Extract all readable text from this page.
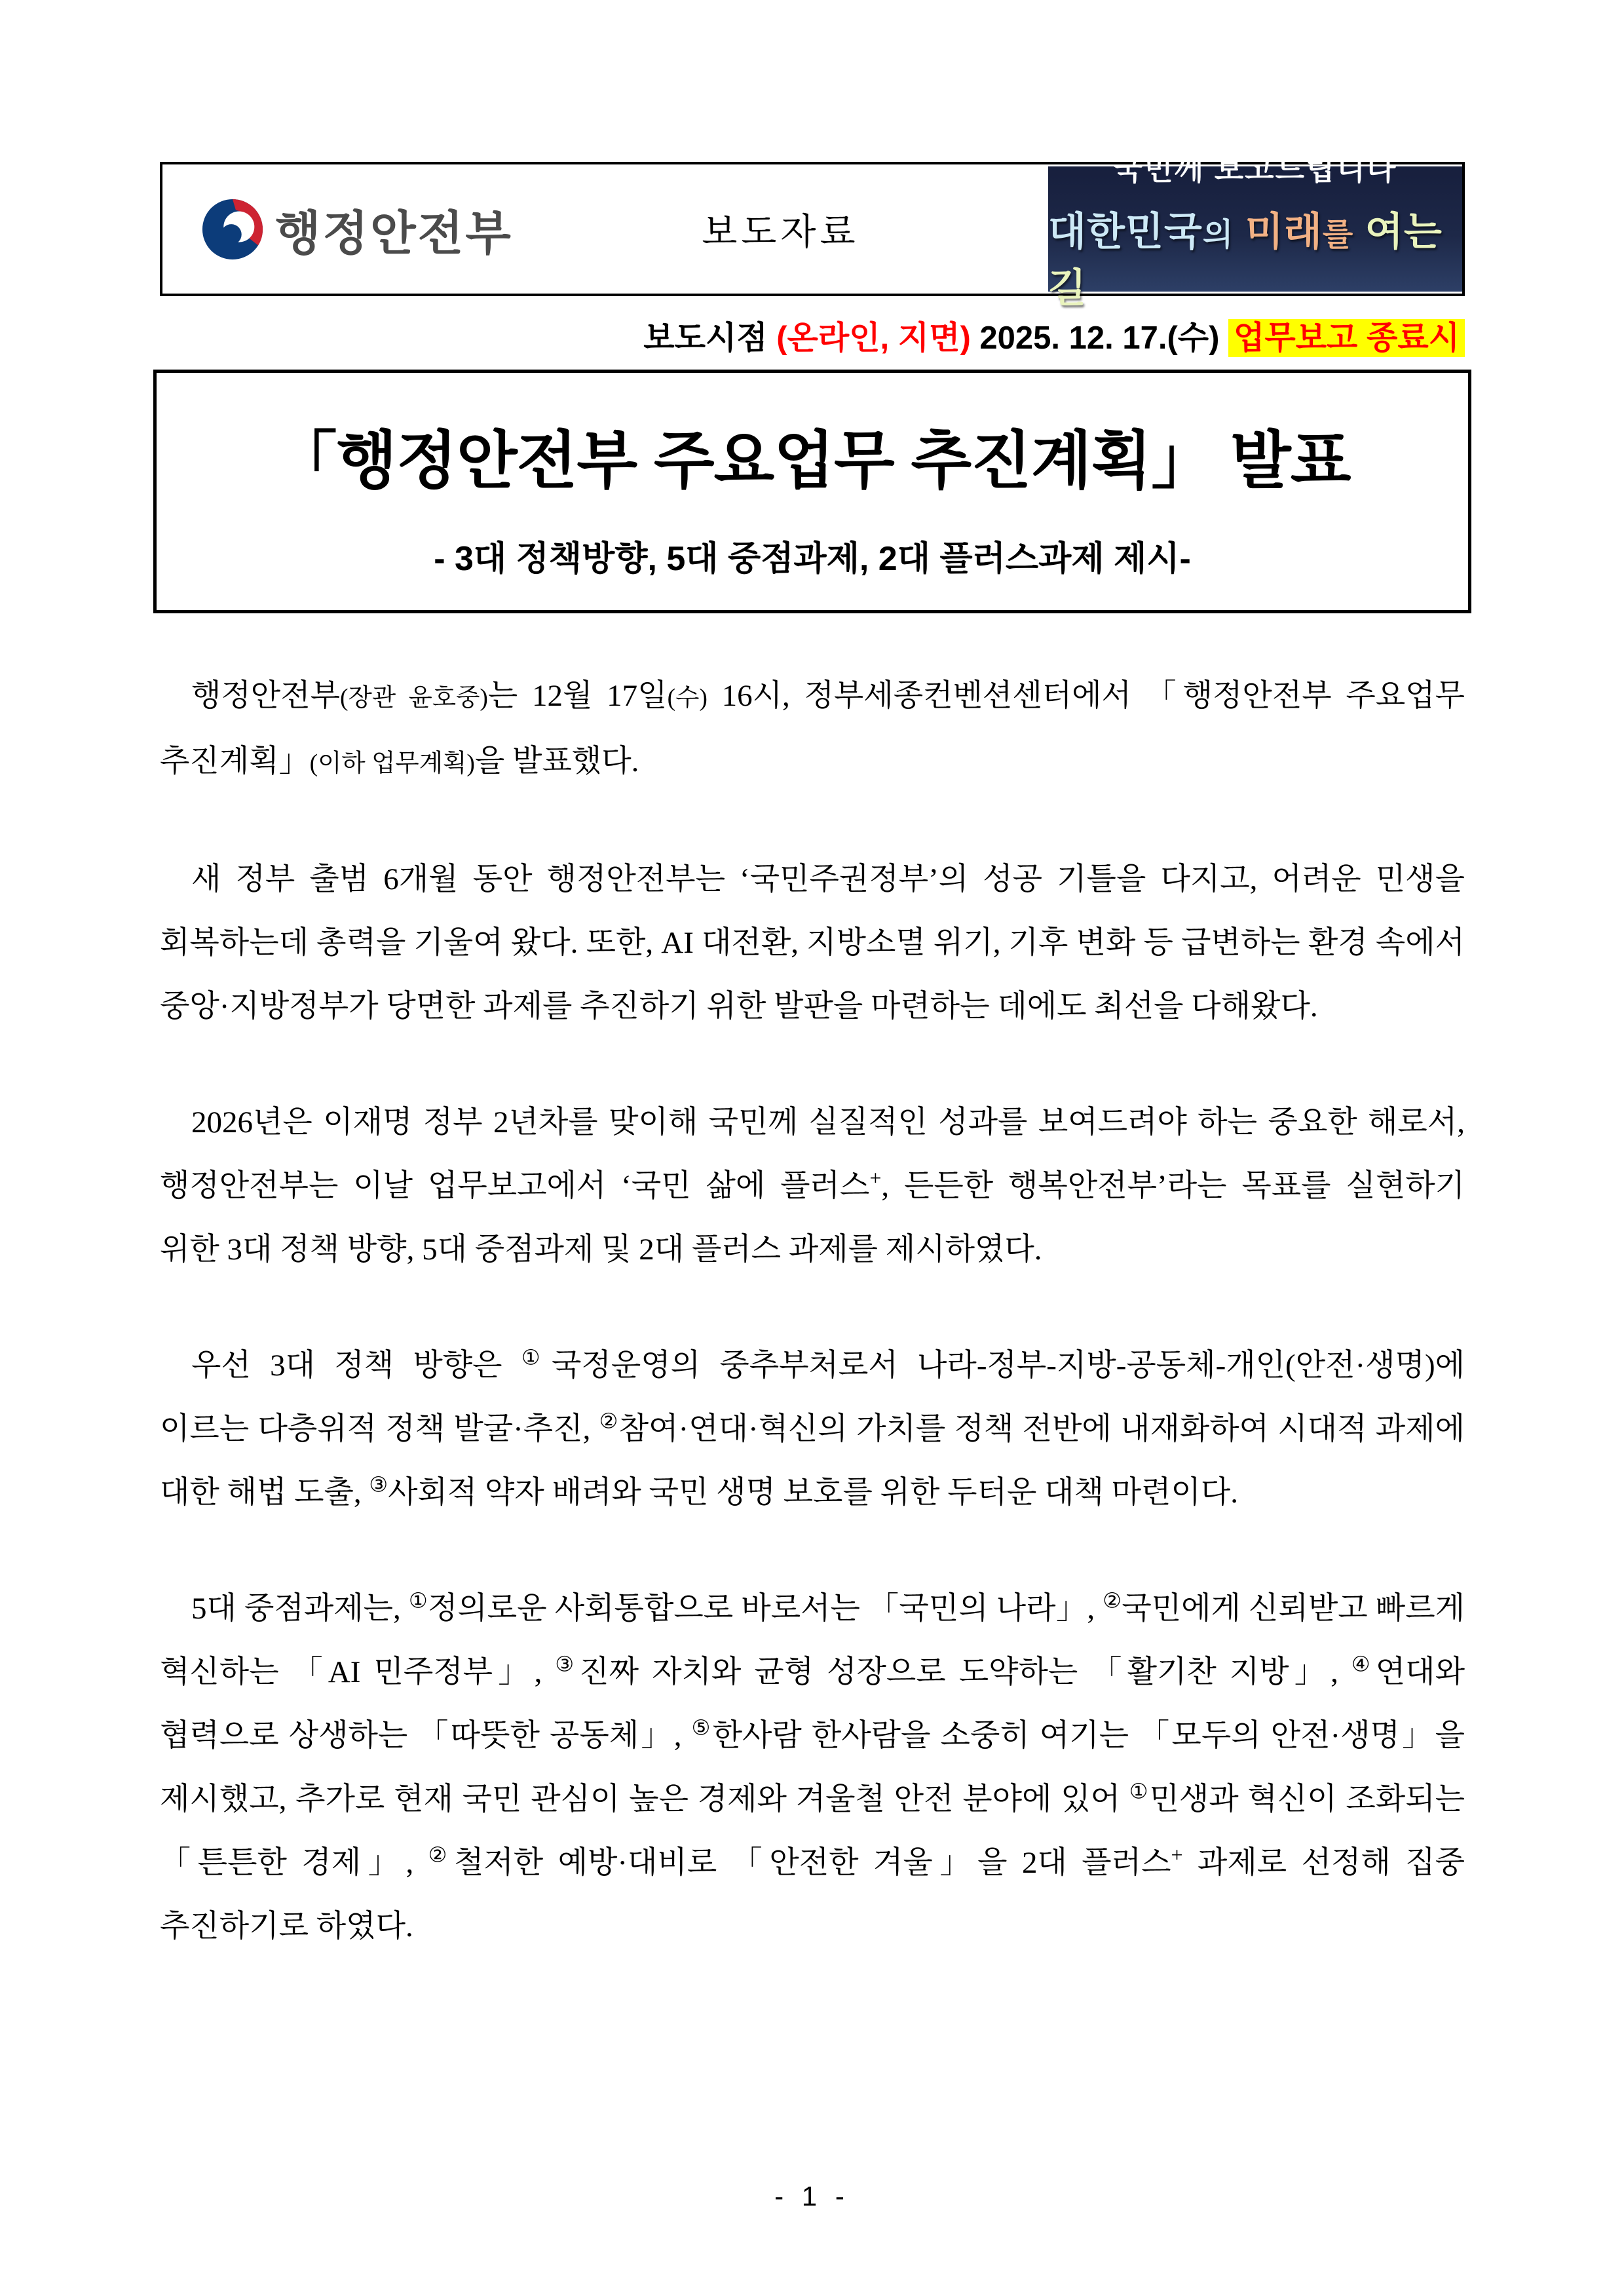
행정안전부	보도자료
국민께 보고드립니다
대한민국의 미래를 여는 길
보도시점 (온라인, 지면) 2025. 12. 17.(수) 업무보고 종료시
「행정안전부 주요업무 추진계획」 발표
- 3대 정책방향, 5대 중점과제, 2대 플러스과제 제시-

행정안전부(장관 윤호중)는 12월 17일(수) 16시, 정부세종컨벤션센터에서 「행정안전부 주요업무 추진계획」(이하 업무계획)을 발표했다.

새 정부 출범 6개월 동안 행정안전부는 ‘국민주권정부’의 성공 기틀을 다지고, 어려운 민생을 회복하는데 총력을 기울여 왔다. 또한, AI 대전환, 지방소멸 위기, 기후 변화 등 급변하는 환경 속에서 중앙·지방정부가 당면한 과제를 추진하기 위한 발판을 마련하는 데에도 최선을 다해왔다.

2026년은 이재명 정부 2년차를 맞이해 국민께 실질적인 성과를 보여드려야 하는 중요한 해로서, 행정안전부는 이날 업무보고에서 ‘국민 삶에 플러스+, 든든한 행복안전부’라는 목표를 실현하기 위한 3대 정책 방향, 5대 중점과제 및 2대 플러스 과제를 제시하였다.

우선 3대 정책 방향은 ①국정운영의 중추부처로서 나라-정부-지방-공동체-개인(안전·생명)에 이르는 다층위적 정책 발굴·추진, ②참여·연대·혁신의 가치를 정책 전반에 내재화하여 시대적 과제에 대한 해법 도출, ③사회적 약자 배려와 국민 생명 보호를 위한 두터운 대책 마련이다.

5대 중점과제는, ①정의로운 사회통합으로 바로서는 「국민의 나라」, ②국민에게 신뢰받고 빠르게 혁신하는 「AI 민주정부」, ③진짜 자치와 균형 성장으로 도약하는 「활기찬 지방」, ④연대와 협력으로 상생하는 「따뜻한 공동체」, ⑤한사람 한사람을 소중히 여기는 「모두의 안전·생명」을 제시했고, 추가로 현재 국민 관심이 높은 경제와 겨울철 안전 분야에 있어 ①민생과 혁신이 조화되는 「튼튼한 경제」, ②철저한 예방·대비로 「안전한 겨울」을 2대 플러스+ 과제로 선정해 집중 추진하기로 하였다.

- 1 -
